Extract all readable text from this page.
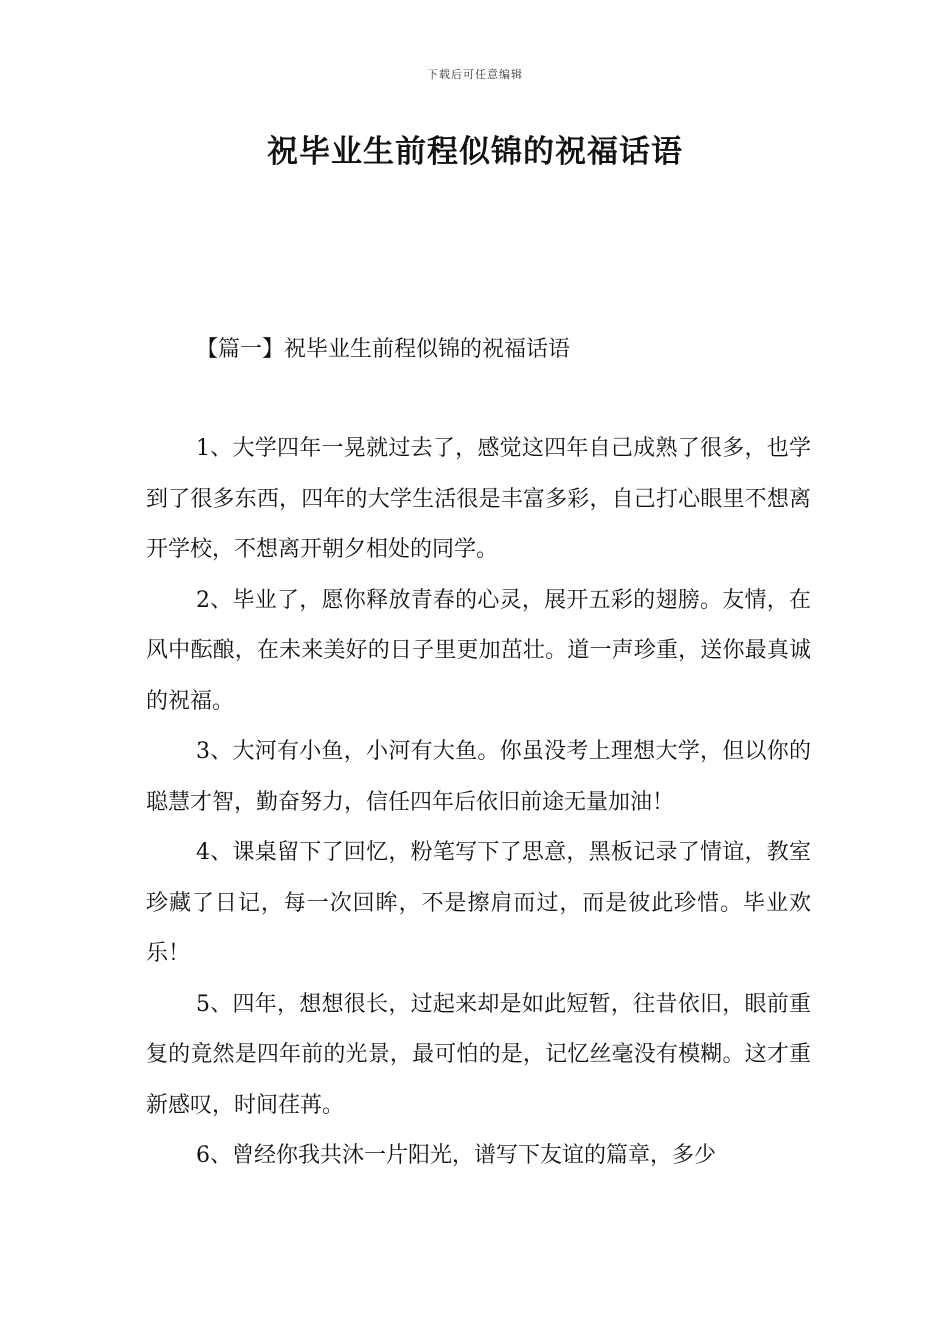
下载后可任意编辑
祝毕业生前程似锦的祝福话语
【篇一】祝毕业生前程似锦的祝福话语

1、大学四年一晃就过去了，感觉这四年自己成熟了很多，也学到了很多东西，四年的大学生活很是丰富多彩，自己打心眼里不想离开学校，不想离开朝夕相处的同学。

2、毕业了，愿你释放青春的心灵，展开五彩的翅膀。友情，在风中酝酿，在未来美好的日子里更加茁壮。道一声珍重，送你最真诚的祝福。

3、大河有小鱼，小河有大鱼。你虽没考上理想大学，但以你的聪慧才智，勤奋努力，信任四年后依旧前途无量加油！

4、课桌留下了回忆，粉笔写下了思意，黑板记录了情谊，教室珍藏了日记，每一次回眸，不是擦肩而过，而是彼此珍惜。毕业欢乐！

5、四年，想想很长，过起来却是如此短暂，往昔依旧，眼前重复的竟然是四年前的光景，最可怕的是，记忆丝毫没有模糊。这才重新感叹，时间荏苒。

6、曾经你我共沐一片阳光，谱写下友谊的篇章，多少
